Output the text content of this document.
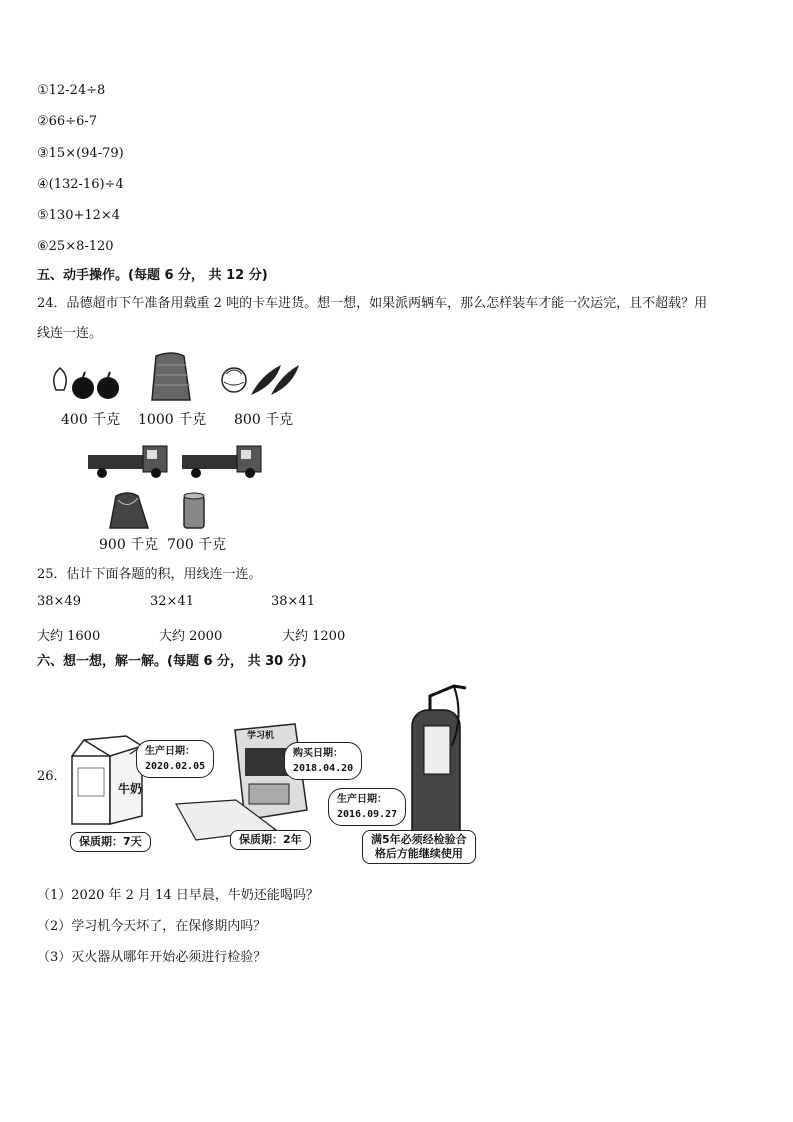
①12-24÷8
②66÷6-7
③15×(94-79)
④(132-16)÷4
⑤130+12×4
⑥25×8-120
五、动手操作。(每题 6 分， 共 12 分)
24．品德超市下午准备用载重 2 吨的卡车进货。想一想，如果派两辆车，那么怎样装车才能一次运完，且不超载？用
线连一连。
400 千克 1000 千克 800 千克
900 千克 700 千克
25．估计下面各题的积，用线连一连。
38×49	32×41	38×41
大约 1600	大约 2000	大约 1200
六、想一想，解一解。(每题 6 分， 共 30 分)
26．
牛奶
学习机
生产日期：
2020.02.05
购买日期：
2018.04.20
生产日期：
2016.09.27
保质期：7天	保质期：2年	满5年必须经检验合
格后方能继续使用
（1）2020 年 2 月 14 日早晨，牛奶还能喝吗？
（2）学习机今天坏了，在保修期内吗？
（3）灭火器从哪年开始必须进行检验？
